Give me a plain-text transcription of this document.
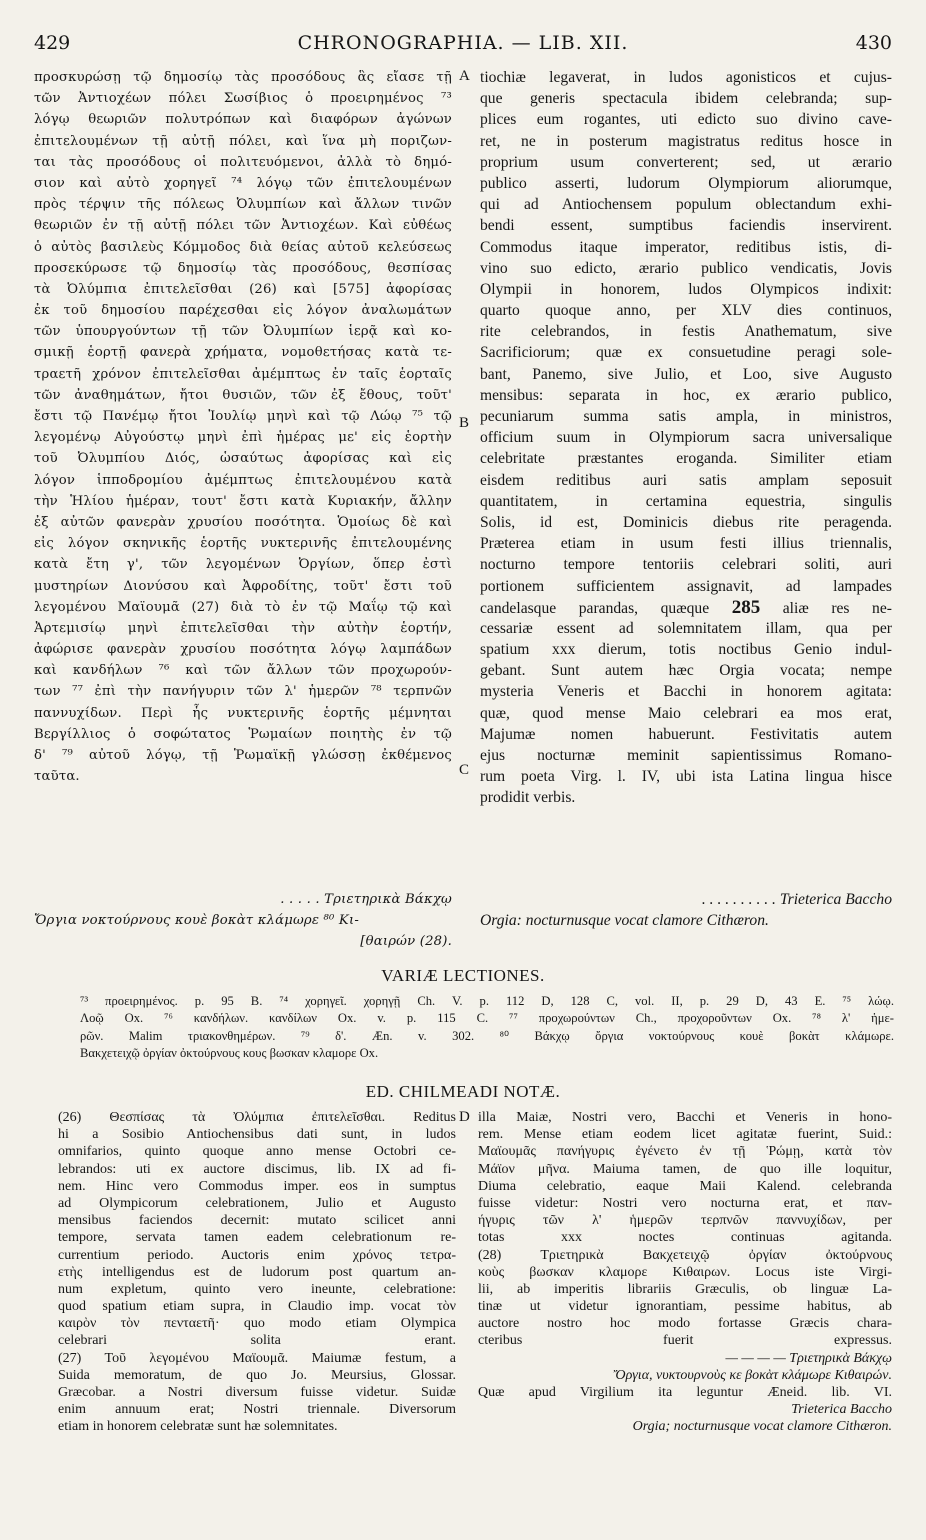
429	CHRONOGRAPHIA. — LIB. XII.	430
προσκυρώσῃ τῷ δημοσίῳ τὰς προσόδους ἃς εἴασε τῇ
τῶν Ἀντιοχέων πόλει Σωσίβιος ὁ προειρημένος ⁷³
λόγῳ θεωριῶν πολυτρόπων καὶ διαφόρων ἀγώνων
ἐπιτελουμένων τῇ αὐτῇ πόλει, καὶ ἵνα μὴ ποριζων-
ται τὰς προσόδους οἱ πολιτευόμενοι, ἀλλὰ τὸ δημό-
σιον καὶ αὐτὸ χορηγεῖ ⁷⁴ λόγῳ τῶν ἐπιτελουμένων
πρὸς τέρψιν τῆς πόλεως Ὀλυμπίων καὶ ἄλλων τινῶν
θεωριῶν ἐν τῇ αὐτῇ πόλει τῶν Ἀντιοχέων. Καὶ εὐθέως
ὁ αὐτὸς βασιλεὺς Κόμμοδος διὰ θείας αὐτοῦ κελεύσεως
προσεκύρωσε τῷ δημοσίῳ τὰς προσόδους, θεσπίσας
τὰ Ὀλύμπια ἐπιτελεῖσθαι (26) καὶ [575] ἀφορίσας
ἐκ τοῦ δημοσίου παρέχεσθαι εἰς λόγον ἀναλωμάτων
τῶν ὑπουργούντων τῇ τῶν Ὀλυμπίων ἱερᾷ καὶ κο-
σμικῇ ἑορτῇ φανερὰ χρήματα, νομοθετήσας κατὰ τε-
τραετῆ χρόνον ἐπιτελεῖσθαι ἀμέμπτως ἐν ταῖς ἑορταῖς
τῶν ἀναθημάτων, ἤτοι θυσιῶν, τῶν ἐξ ἔθους, τοῦτ'
ἔστι τῷ Πανέμῳ ἤτοι Ἰουλίῳ μηνὶ καὶ τῷ Λώῳ ⁷⁵ τῷ
λεγομένῳ Αὐγούστῳ μηνὶ ἐπὶ ἡμέρας με' εἰς ἑορτὴν
τοῦ Ὀλυμπίου Διός, ὡσαύτως ἀφορίσας καὶ εἰς
λόγον ἱπποδρομίου ἀμέμπτως ἐπιτελουμένου κατὰ
τὴν Ἡλίου ἡμέραν, τουτ' ἔστι κατὰ Κυριακήν, ἄλλην
ἐξ αὐτῶν φανερὰν χρυσίου ποσότητα. Ὁμοίως δὲ καὶ
εἰς λόγον σκηνικῆς ἑορτῆς νυκτερινῆς ἐπιτελουμένης
κατὰ ἔτη γ', τῶν λεγομένων Ὀργίων, ὅπερ ἐστὶ
μυστηρίων Διονύσου καὶ Ἀφροδίτης, τοῦτ' ἔστι τοῦ
λεγομένου Μαϊουμᾶ (27) διὰ τὸ ἐν τῷ Μαΐῳ τῷ καὶ
Ἀρτεμισίῳ μηνὶ ἐπιτελεῖσθαι τὴν αὐτὴν ἑορτήν,
ἀφώρισε φανερὰν χρυσίου ποσότητα λόγῳ λαμπάδων
καὶ κανδήλων ⁷⁶ καὶ τῶν ἄλλων τῶν προχωρούν-
των ⁷⁷ ἐπὶ τὴν πανήγυριν τῶν λ' ἡμερῶν ⁷⁸ τερπνῶν
παννυχίδων. Περὶ ἧς νυκτερινῆς ἑορτῆς μέμνηται
Βεργίλλιος ὁ σοφώτατος Ῥωμαίων ποιητὴς ἐν τῷ
δ' ⁷⁹ αὐτοῦ λόγῳ, τῇ Ῥωμαϊκῇ γλώσσῃ ἐκθέμενος
ταῦτα.
. . . . . Τριετηρικὰ Βάκχῳ
Ὄργια νοκτούρνους κουὲ βοκὰτ κλάμωρε ⁸⁰ Κι-
[θαιρών (28).
tiochiæ legaverat, in ludos agonisticos et cujus-
que generis spectacula ibidem celebranda; sup-
plices eum rogantes, uti edicto suo divino cave-
ret, ne in posterum magistratus reditus hosce in
proprium usum converterent; sed, ut ærario
publico asserti, ludorum Olympiorum aliorumque,
qui ad Antiochensem populum oblectandum exhi-
bendi essent, sumptibus faciendis inservirent.
Commodus itaque imperator, reditibus istis, di-
vino suo edicto, ærario publico vendicatis, Jovis
Olympii in honorem, ludos Olympicos indixit:
quarto quoque anno, per XLV dies continuos,
rite celebrandos, in festis Anathematum, sive
Sacrificiorum; quæ ex consuetudine peragi sole-
bant, Panemo, sive Julio, et Loo, sive Augusto
mensibus: separata in hoc, ex ærario publico,
pecuniarum summa satis ampla, in ministros,
officium suum in Olympiorum sacra universalique
celebritate præstantes eroganda. Similiter etiam
eisdem reditibus auri satis amplam seposuit
quantitatem, in certamina equestria, singulis
Solis, id est, Dominicis diebus rite peragenda.
Præterea etiam in usum festi illius triennalis,
nocturno tempore tentoriis celebrari soliti, auri
portionem sufficientem assignavit, ad lampades
candelasque parandas, quæque 285 aliæ res ne-
cessariæ essent ad solemnitatem illam, qua per
spatium xxx dierum, totis noctibus Genio indul-
gebant. Sunt autem hæc Orgia vocata; nempe
mysteria Veneris et Bacchi in honorem agitata:
quæ, quod mense Maio celebrari ea mos erat,
Majumæ nomen habuerunt. Festivitatis autem
ejus nocturnæ meminit sapientissimus Romano-
rum poeta Virg. l. IV, ubi ista Latina lingua hisce
prodidit verbis.
. . . . . . . . . . Trieterica Baccho
Orgia: nocturnusque vocat clamore Cithæron.
A
B
C
D
VARIÆ LECTIONES.
⁷³ προειρημένος. p. 95 B. ⁷⁴ χορηγεῖ. χορηγῇ Ch. V. p. 112 D, 128 C, vol. II, p. 29 D, 43 E. ⁷⁵ λώῳ.
Λοῷ Ox. ⁷⁶ κανδήλων. κανδίλων Ox. v. p. 115 C. ⁷⁷ προχωρούντων Ch., προχοροῦντων Ox. ⁷⁸ λ' ἡμε-
ρῶν. Malim τριακονθημέρων. ⁷⁹ δ'. Æn. v. 302. ⁸⁰ Βάκχῳ ὄργια νοκτούρνους κουὲ βοκὰτ κλάμωρε.
Βακχετειχῷ ὀργίαν ὀκτούρνους κους βωσκαν κλαμορε Ox.
ED. CHILMEADI NOTÆ.
(26) Θεσπίσας τὰ Ὀλύμπια ἐπιτελεῖσθαι. Reditus
hi a Sosibio Antiochensibus dati sunt, in ludos
omnifarios, quinto quoque anno mense Octobri ce-
lebrandos: uti ex auctore discimus, lib. IX ad fi-
nem. Hinc vero Commodus imper. eos in sumptus
ad Olympicorum celebrationem, Julio et Augusto
mensibus faciendos decernit: mutato scilicet anni
tempore, servata tamen eadem celebrationum re-
currentium periodo. Auctoris enim χρόνος τετρα-
ετὴς intelligendus est de ludorum post quartum an-
num expletum, quinto vero ineunte, celebratione:
quod spatium etiam supra, in Claudio imp. vocat τὸν
καιρὸν τὸν πενταετῆ· quo modo etiam Olympica
celebrari solita erant.
(27) Τοῦ λεγομένου Μαϊουμᾶ. Maiumæ festum, a
Suida memoratum, de quo Jo. Meursius, Glossar.
Græcobar. a Nostri diversum fuisse videtur. Suidæ
enim annuum erat; Nostri triennale. Diversorum
etiam in honorem celebratæ sunt hæ solemnitates.
illa Maiæ, Nostri vero, Bacchi et Veneris in hono-
rem. Mense etiam eodem licet agitatæ fuerint, Suid.:
Μαϊουμᾶς πανήγυρις ἐγένετο ἐν τῇ Ῥώμῃ, κατὰ τὸν
Μάϊον μῆνα. Maiuma tamen, de quo ille loquitur,
Diuma celebratio, eaque Maii Kalend. celebranda
fuisse videtur: Nostri vero nocturna erat, et παν-
ήγυρις τῶν λ' ἡμερῶν τερπνῶν παννυχίδων, per
totas xxx noctes continuas agitanda.
(28) Τριετηρικὰ Βακχετειχῷ ὀργίαν ὀκτούρνους
κοὺς βωσκαν κλαμορε Κιθαιρων. Locus iste Virgi-
lii, ab imperitis librariis Græculis, ob linguæ La-
tinæ ut videtur ignorantiam, pessime habitus, ab
auctore nostro hoc modo fortasse Græcis chara-
cteribus fuerit expressus.
— — — — Τριετηρικὰ Βάκχῳ
Ὄργια, νυκτουρνοὺς κε βοκὰτ κλάμωρε Κιθαιρών.
Quæ apud Virgilium ita leguntur Æneid. lib. VI.
Trieterica Baccho
Orgia; nocturnusque vocat clamore Cithæron.
